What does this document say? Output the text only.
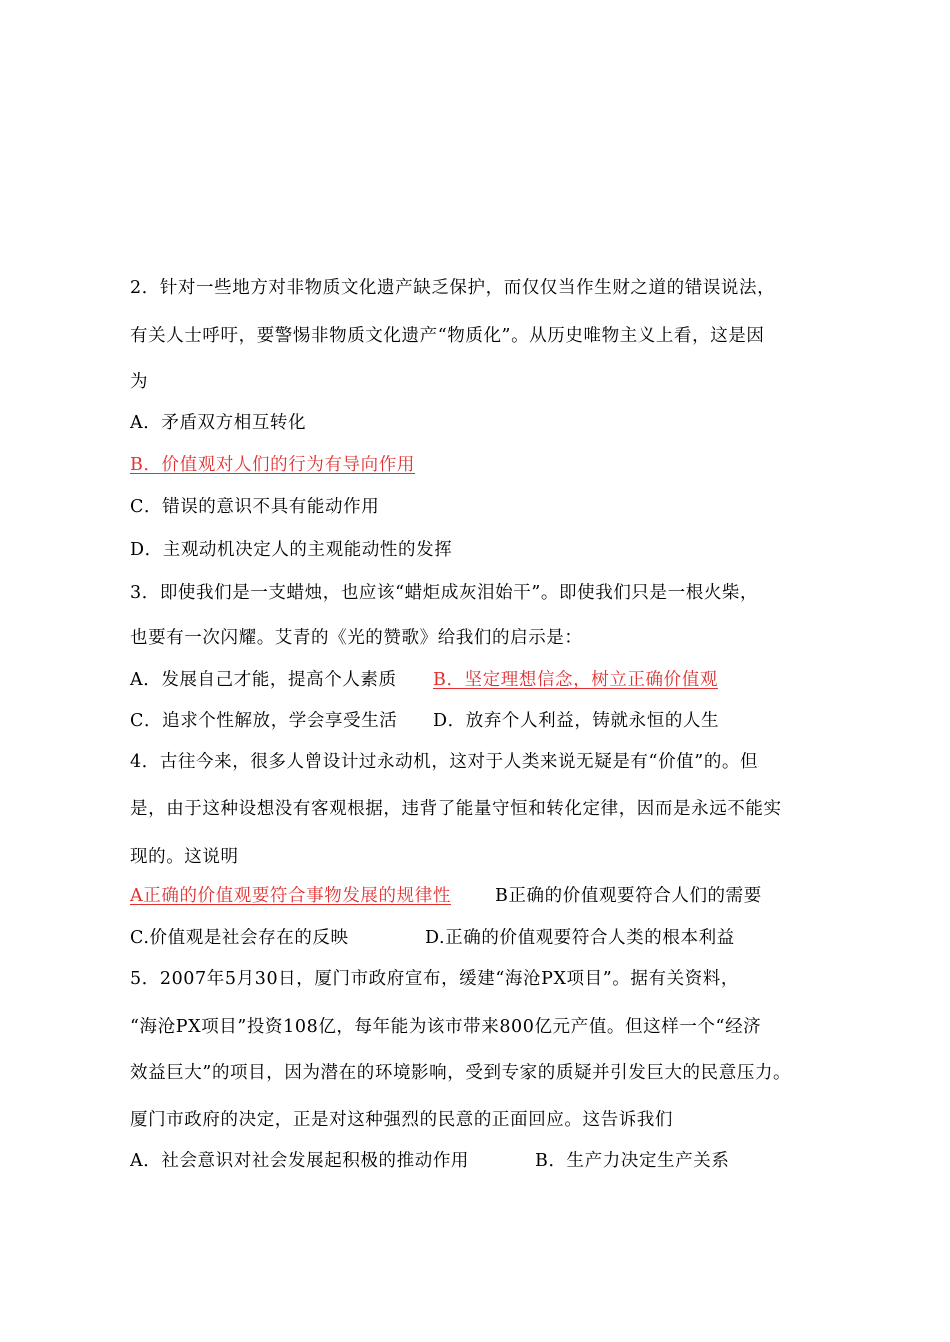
2．针对一些地方对非物质文化遗产缺乏保护，而仅仅当作生财之道的错误说法，
有关人士呼吁，要警惕非物质文化遗产“物质化”。从历史唯物主义上看，这是因
为
A．矛盾双方相互转化
B．价值观对人们的行为有导向作用
C．错误的意识不具有能动作用
D．主观动机决定人的主观能动性的发挥
3．即使我们是一支蜡烛，也应该“蜡炬成灰泪始干”。即使我们只是一根火柴，
也要有一次闪耀。艾青的《光的赞歌》给我们的启示是：
A．发展自己才能，提高个人素质 B．坚定理想信念，树立正确价值观
C．追求个性解放，学会享受生活 D．放弃个人利益，铸就永恒的人生
4．古往今来，很多人曾设计过永动机，这对于人类来说无疑是有“价值”的。但
是，由于这种设想没有客观根据，违背了能量守恒和转化定律，因而是永远不能实
现的。这说明
A正确的价值观要符合事物发展的规律性	B正确的价值观要符合人们的需要
C.价值观是社会存在的反映	D.正确的价值观要符合人类的根本利益
5．2007年5月30日，厦门市政府宣布，缓建“海沧PX项目”。据有关资料，
“海沧PX项目”投资108亿，每年能为该市带来800亿元产值。但这样一个“经济
效益巨大”的项目，因为潜在的环境影响，受到专家的质疑并引发巨大的民意压力。
厦门市政府的决定，正是对这种强烈的民意的正面回应。这告诉我们
A．社会意识对社会发展起积极的推动作用	B．生产力决定生产关系
